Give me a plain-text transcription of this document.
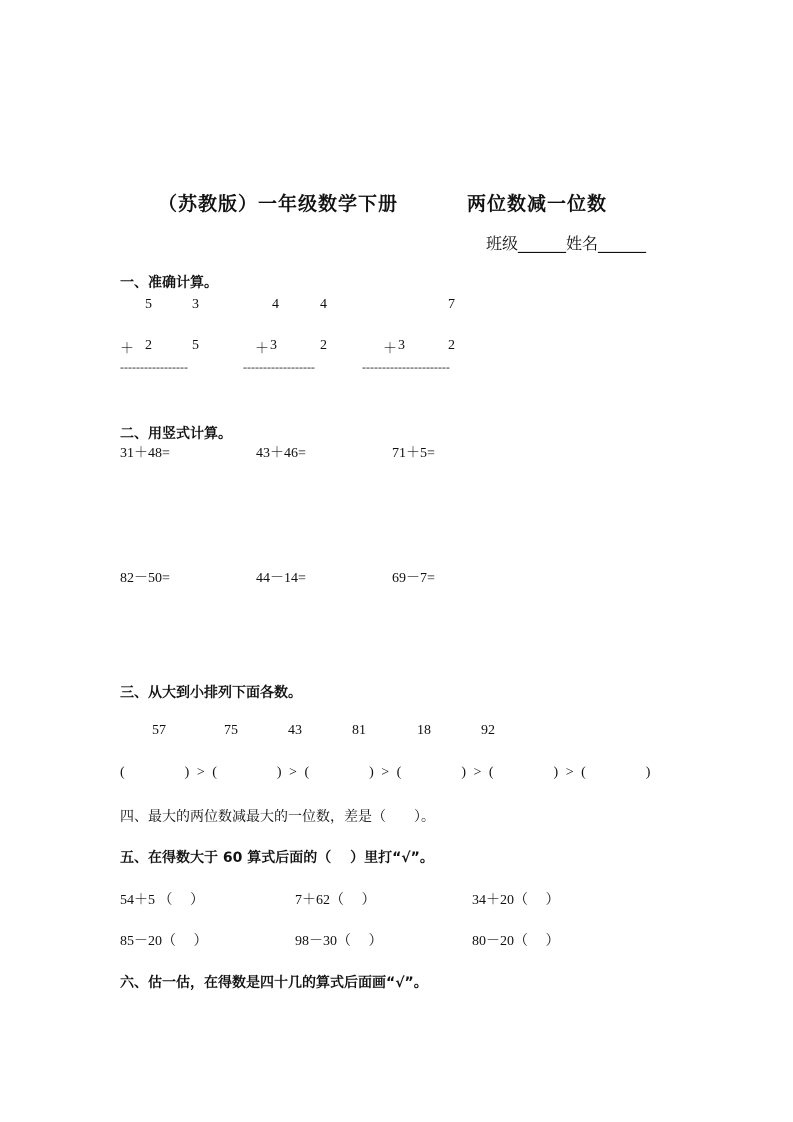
（苏教版）一年级数学下册	两位数减一位数
班级______姓名______
一、准确计算。
5	3	4	4	7
＋ 2	5	＋ 3	2	＋ 3	2
-----------------	------------------	----------------------
二、用竖式计算。
31＋48=	43＋46=	71＋5=
82－50=	44－14=	69－7=
三、从大到小排列下面各数。
57	75	43	81	18	92
(        ) > (        ) > (        ) > (        ) > (        ) > (        )
四、最大的两位数减最大的一位数，差是（　　）。
五、在得数大于 60 算式后面的（　 ）里打“√”。
54＋5 （　 ）	7＋62（　 ）	34＋20（　 ）
85－20（　 ）	98－30（　 ）	80－20（　 ）
六、估一估，在得数是四十几的算式后面画“√”。
